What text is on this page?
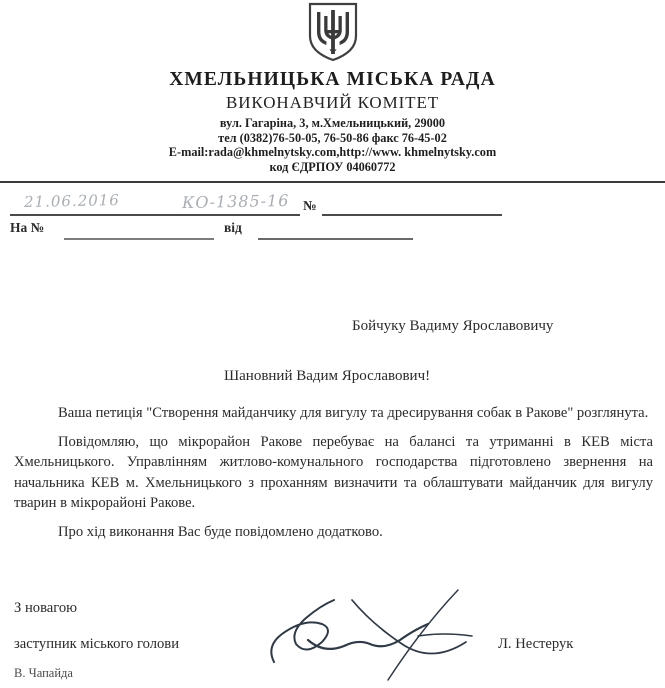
ХМЕЛЬНИЦЬКА МІСЬКА РАДА
ВИКОНАВЧИЙ КОМІТЕТ
вул. Гагаріна, 3, м.Хмельницький, 29000
тел (0382)76-50-05, 76-50-86 факс 76-45-02
E-mail:rada@khmelnytsky.com,http://www. khmelnytsky.com
код ЄДРПОУ 04060772
21.06.2016	№
КО-1385-16
На №	від
Бойчуку Вадиму Ярославовичу
Шановний Вадим Ярославович!

Ваша петиція "Створення майданчику для вигулу та дресирування собак в Ракове" розглянута.

Повідомляю, що мікрорайон Ракове перебуває на балансі та утриманні в КЕВ міста Хмельницького. Управлінням житлово-комунального господарства підготовлено звернення на начальника КЕВ м. Хмельницького з проханням визначити та облаштувати майданчик для вигулу тварин в мікрорайоні Ракове.

Про хід виконання Вас буде повідомлено додатково.

З новагою
заступник міського голови	Л. Нестерук
В. Чапайда
